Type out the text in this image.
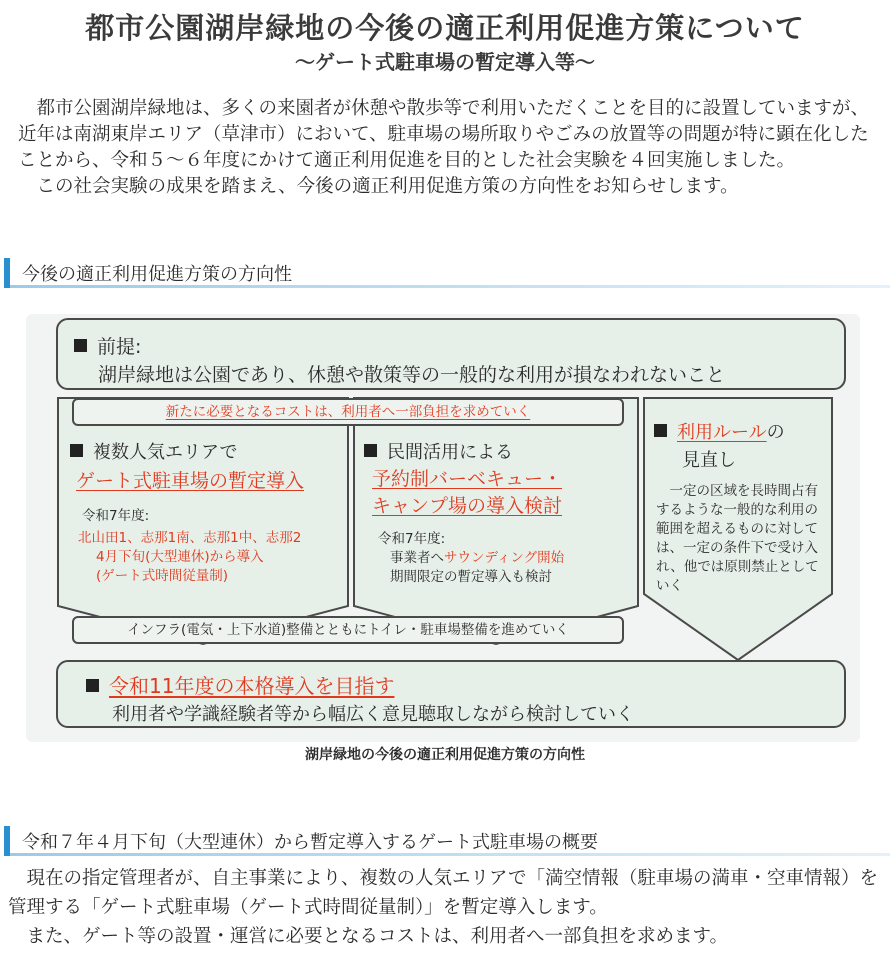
都市公園湖岸緑地の今後の適正利用促進方策について
～ゲート式駐車場の暫定導入等～

都市公園湖岸緑地は、多くの来園者が休憩や散歩等で利用いただくことを目的に設置していますが、近年は南湖東岸エリア（草津市）において、駐車場の場所取りやごみの放置等の問題が特に顕在化したことから、令和５～６年度にかけて適正利用促進を目的とした社会実験を４回実施しました。

この社会実験の成果を踏まえ、今後の適正利用促進方策の方向性をお知らせします。

今後の適正利用促進方策の方向性
前提:
湖岸緑地は公園であり、休憩や散策等の一般的な利用が損なわれないこと
新たに必要となるコストは、利用者へ一部負担を求めていく
複数人気エリアで
ゲート式駐車場の暫定導入
令和7年度:
北山田1、志那1南、志那1中、志那2
4月下旬(大型連休)から導入
(ゲート式時間従量制)
民間活用による
予約制バーベキュー・
キャンプ場の導入検討
令和7年度:
事業者へサウンディング開始
期間限定の暫定導入も検討
利用ルールの
見直し
一定の区域を長時間占有するような一般的な利用の範囲を超えるものに対しては、一定の条件下で受け入れ、他では原則禁止としていく
インフラ(電気・上下水道)整備とともにトイレ・駐車場整備を進めていく
令和11年度の本格導入を目指す
利用者や学識経験者等から幅広く意見聴取しながら検討していく
湖岸緑地の今後の適正利用促進方策の方向性
令和７年４月下旬（大型連休）から暫定導入するゲート式駐車場の概要

現在の指定管理者が、自主事業により、複数の人気エリアで「満空情報（駐車場の満車・空車情報）を管理する「ゲート式駐車場（ゲート式時間従量制）」を暫定導入します。

また、ゲート等の設置・運営に必要となるコストは、利用者へ一部負担を求めます。
